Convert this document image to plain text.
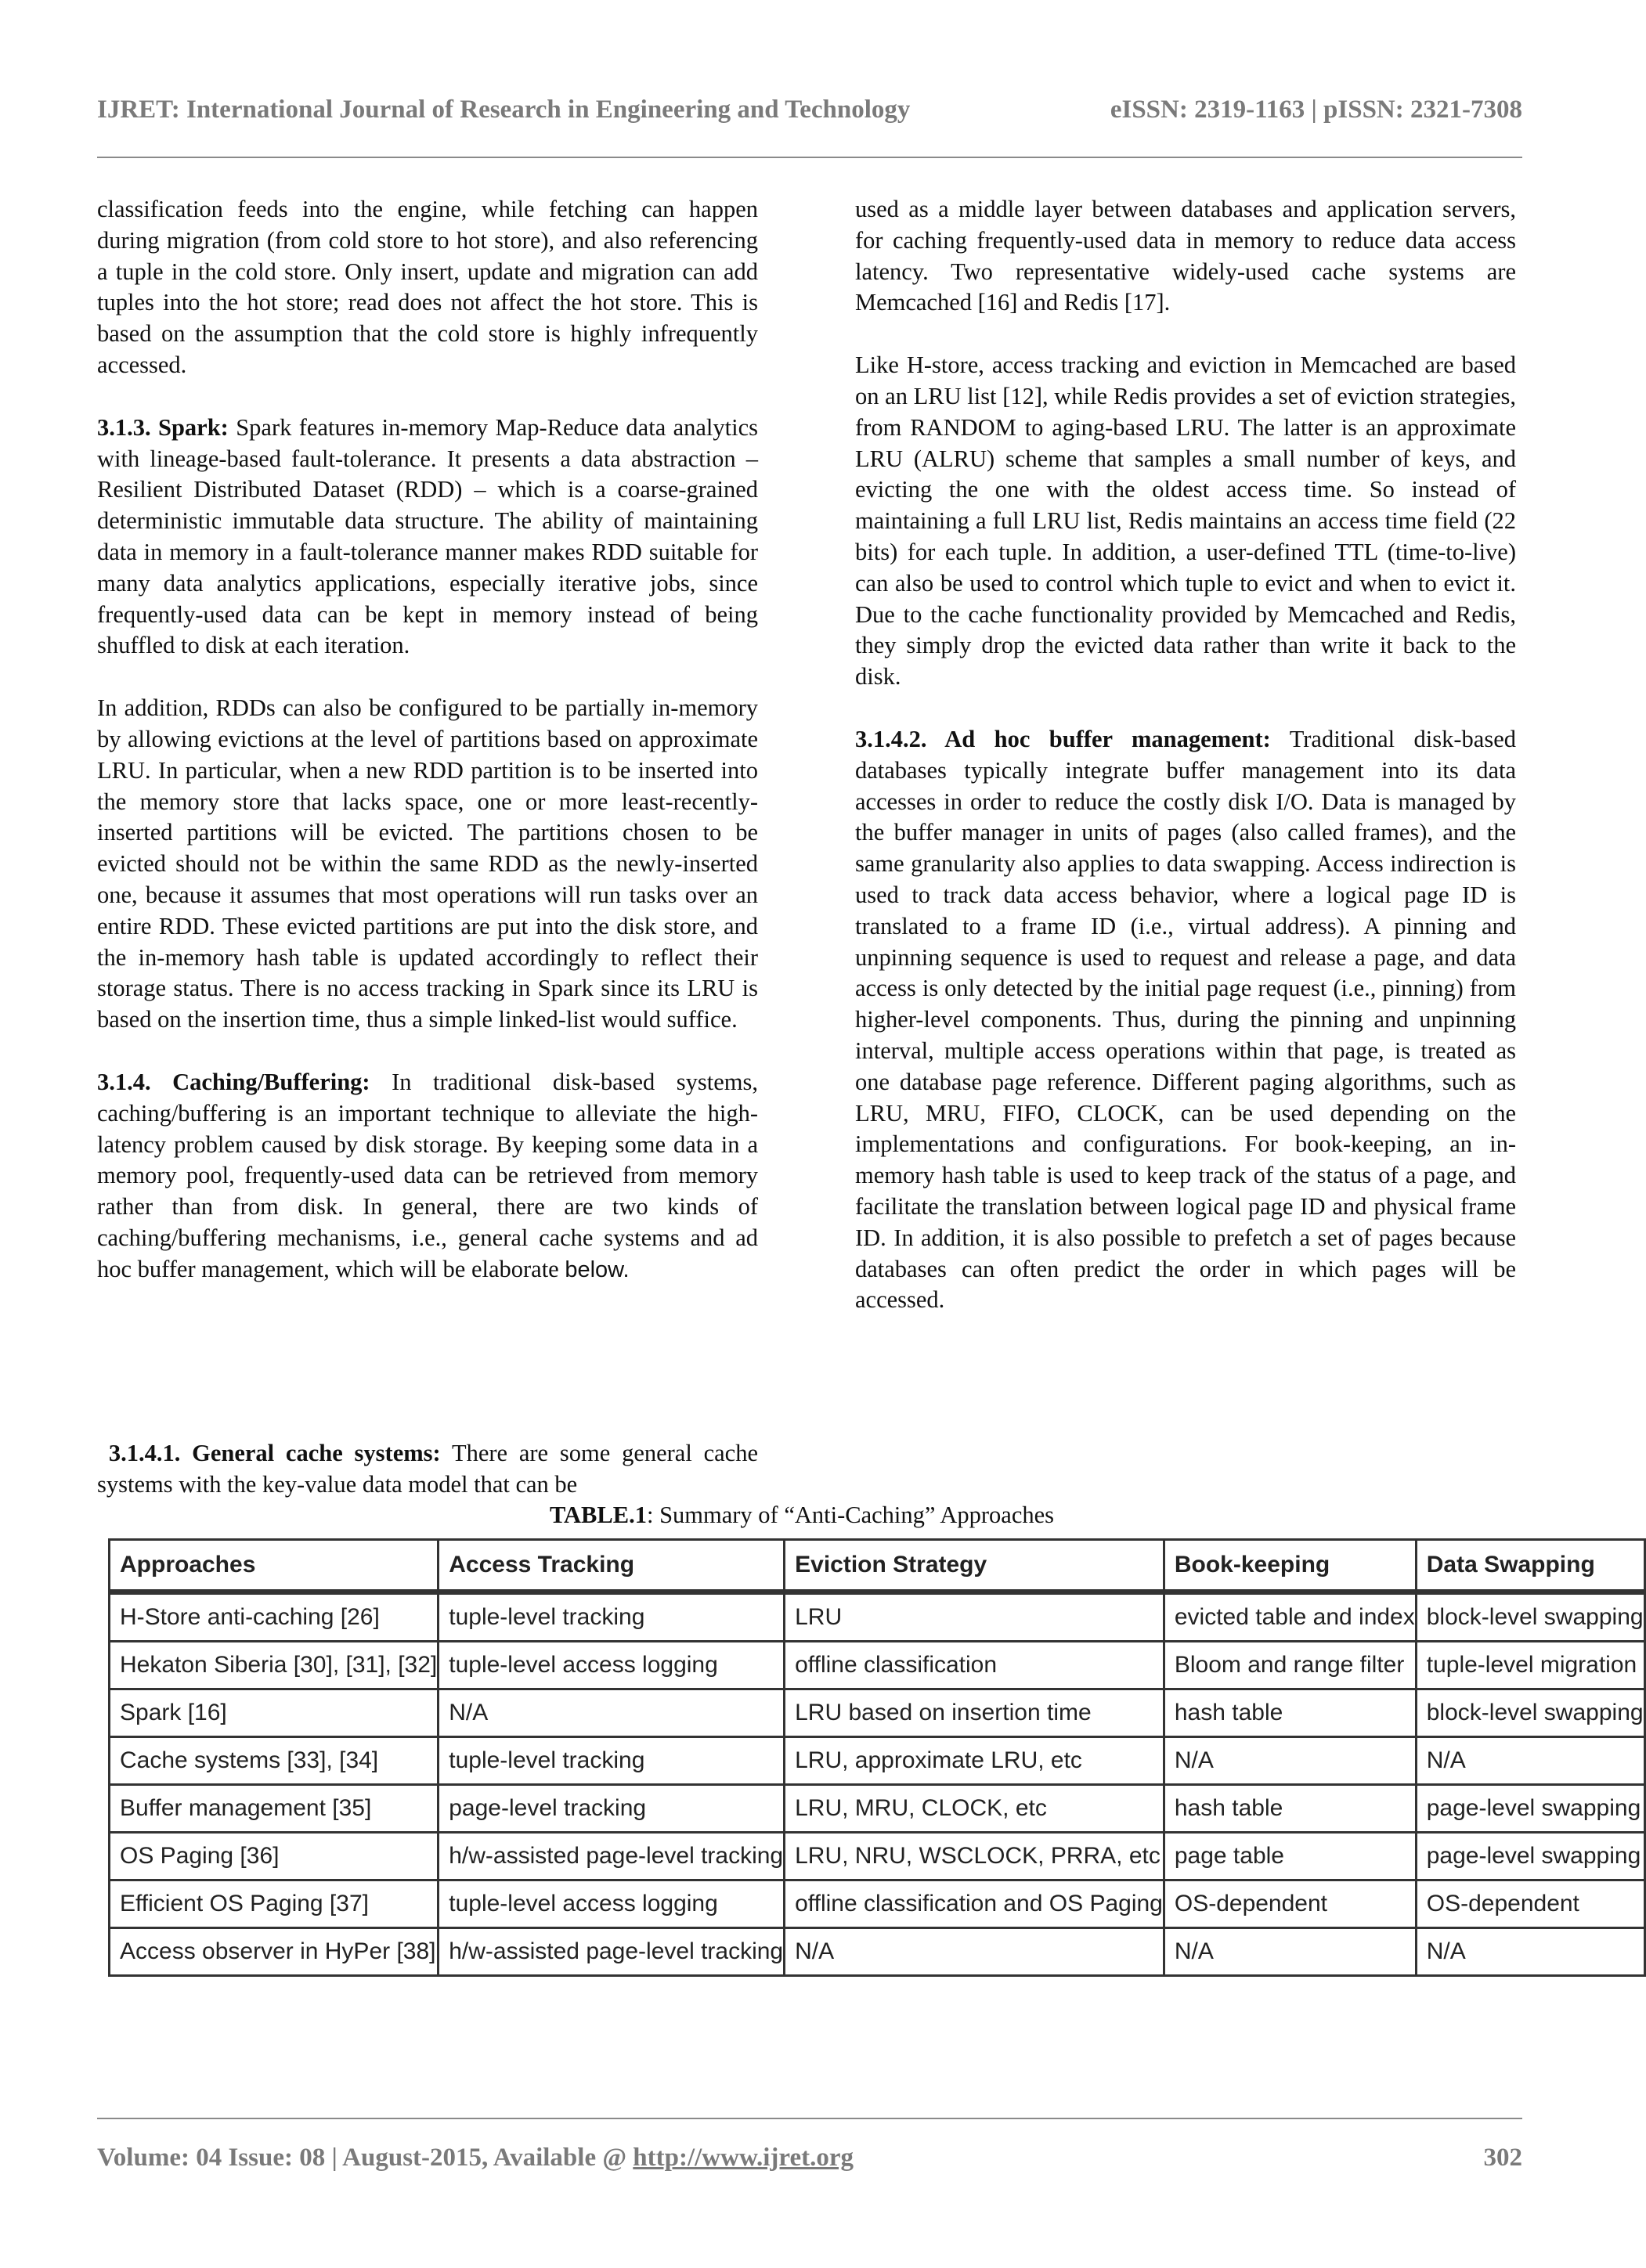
IJRET: International Journal of Research in Engineering and Technology	eISSN: 2319-1163 | pISSN: 2321-7308

classification feeds into the engine, while fetching can happen during migration (from cold store to hot store), and also referencing a tuple in the cold store. Only insert, update and migration can add tuples into the hot store; read does not affect the hot store. This is based on the assumption that the cold store is highly infrequently accessed.

3.1.3. Spark: Spark features in-memory Map-Reduce data analytics with lineage-based fault-tolerance. It presents a data abstraction – Resilient Distributed Dataset (RDD) – which is a coarse-grained deterministic immutable data structure. The ability of maintaining data in memory in a fault-tolerance manner makes RDD suitable for many data analytics applications, especially iterative jobs, since frequently-used data can be kept in memory instead of being shuffled to disk at each iteration.

In addition, RDDs can also be configured to be partially in-memory by allowing evictions at the level of partitions based on approximate LRU. In particular, when a new RDD partition is to be inserted into the memory store that lacks space, one or more least-recently-inserted partitions will be evicted. The partitions chosen to be evicted should not be within the same RDD as the newly-inserted one, because it assumes that most operations will run tasks over an entire RDD. These evicted partitions are put into the disk store, and the in-memory hash table is updated accordingly to reflect their storage status. There is no access tracking in Spark since its LRU is based on the insertion time, thus a simple linked-list would suffice.

3.1.4. Caching/Buffering: In traditional disk-based systems, caching/buffering is an important technique to alleviate the high-latency problem caused by disk storage. By keeping some data in a memory pool, frequently-used data can be retrieved from memory rather than from disk. In general, there are two kinds of caching/buffering mechanisms, i.e., general cache systems and ad hoc buffer management, which will be elaborate below.

3.1.4.1. General cache systems: There are some general cache systems with the key-value data model that can be

used as a middle layer between databases and application servers, for caching frequently-used data in memory to reduce data access latency. Two representative widely-used cache systems are Memcached [16] and Redis [17].

Like H-store, access tracking and eviction in Memcached are based on an LRU list [12], while Redis provides a set of eviction strategies, from RANDOM to aging-based LRU. The latter is an approximate LRU (ALRU) scheme that samples a small number of keys, and evicting the one with the oldest access time. So instead of maintaining a full LRU list, Redis maintains an access time field (22 bits) for each tuple. In addition, a user-defined TTL (time-to-live) can also be used to control which tuple to evict and when to evict it. Due to the cache functionality provided by Memcached and Redis, they simply drop the evicted data rather than write it back to the disk.

3.1.4.2. Ad hoc buffer management: Traditional disk-based databases typically integrate buffer management into its data accesses in order to reduce the costly disk I/O. Data is managed by the buffer manager in units of pages (also called frames), and the same granularity also applies to data swapping. Access indirection is used to track data access behavior, where a logical page ID is translated to a frame ID (i.e., virtual address). A pinning and unpinning sequence is used to request and release a page, and data access is only detected by the initial page request (i.e., pinning) from higher-level components. Thus, during the pinning and unpinning interval, multiple access operations within that page, is treated as one database page reference. Different paging algorithms, such as LRU, MRU, FIFO, CLOCK, can be used depending on the implementations and configurations. For book-keeping, an in-memory hash table is used to keep track of the status of a page, and facilitate the translation between logical page ID and physical frame ID. In addition, it is also possible to prefetch a set of pages because databases can often predict the order in which pages will be accessed.

TABLE.1: Summary of “Anti-Caching” Approaches
Approaches	Access Tracking	Eviction Strategy	Book-keeping	Data Swapping
H-Store anti-caching [26]	tuple-level tracking	LRU	evicted table and index	block-level swapping
Hekaton Siberia [30], [31], [32]	tuple-level access logging	offline classification	Bloom and range filter	tuple-level migration
Spark [16]	N/A	LRU based on insertion time	hash table	block-level swapping
Cache systems [33], [34]	tuple-level tracking	LRU, approximate LRU, etc	N/A	N/A
Buffer management [35]	page-level tracking	LRU, MRU, CLOCK, etc	hash table	page-level swapping
OS Paging [36]	h/w-assisted page-level tracking	LRU, NRU, WSCLOCK, PRRA, etc	page table	page-level swapping
Efficient OS Paging [37]	tuple-level access logging	offline classification and OS Paging	OS-dependent	OS-dependent
Access observer in HyPer [38]	h/w-assisted page-level tracking	N/A	N/A	N/A
Volume: 04 Issue: 08 | August-2015, Available @ http://www.ijret.org	302
